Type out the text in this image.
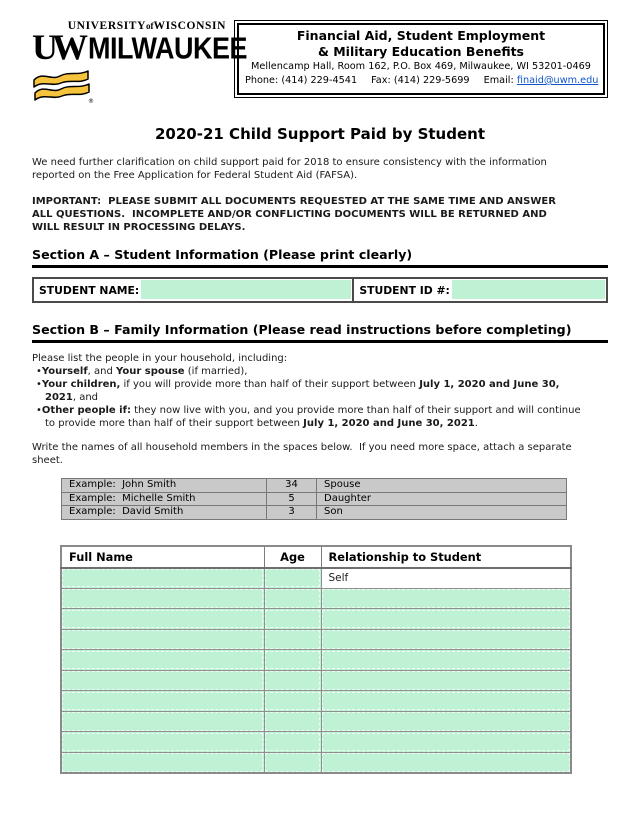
UNIVERSITYofWISCONSIN
UW MILWAUKEE
®
Financial Aid, Student Employment
& Military Education Benefits
Mellencamp Hall, Room 162, P.O. Box 469, Milwaukee, WI 53201-0469
Phone: (414) 229-4541 Fax: (414) 229-5699 Email: finaid@uwm.edu
2020-21 Child Support Paid by Student
We need further clarification on child support paid for 2018 to ensure consistency with the information
reported on the Free Application for Federal Student Aid (FAFSA).
IMPORTANT:  PLEASE SUBMIT ALL DOCUMENTS REQUESTED AT THE SAME TIME AND ANSWER
ALL QUESTIONS.  INCOMPLETE AND/OR CONFLICTING DOCUMENTS WILL BE RETURNED AND
WILL RESULT IN PROCESSING DELAYS.
Section A – Student Information (Please print clearly)
STUDENT NAME:	STUDENT ID #:
Section B – Family Information (Please read instructions before completing)
Please list the people in your household, including:
• Yourself, and Your spouse (if married),
• Your children, if you will provide more than half of their support between July 1, 2020 and June 30,
2021, and
• Other people if: they now live with you, and you provide more than half of their support and will continue
to provide more than half of their support between July 1, 2020 and June 30, 2021.
Write the names of all household members in the spaces below.  If you need more space, attach a separate
sheet.
Example:  John Smith	34	Spouse
Example:  Michelle Smith	5	Daughter
Example:  David Smith	3	Son
Full Name	Age	Relationship to Student
		Self
